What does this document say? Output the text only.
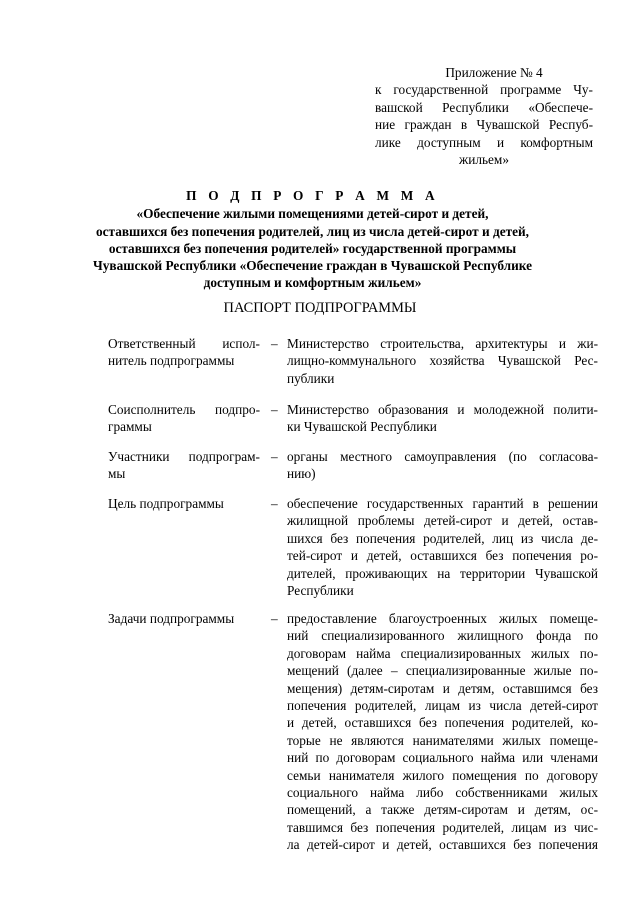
Приложение № 4
к государственной программе Чу-
вашской Республики «Обеспече-
ние граждан в Чувашской Респуб-
лике доступным и комфортным
жильем»
П О Д П Р О Г Р А М М А
«Обеспечение жилыми помещениями детей-сирот и детей,
оставшихся без попечения родителей, лиц из числа детей-сирот и детей,
оставшихся без попечения родителей» государственной программы
Чувашской Республики «Обеспечение граждан в Чувашской Республике
доступным и комфортным жильем»
ПАСПОРТ ПОДПРОГРАММЫ
Ответственный испол-
нитель подпрограммы
– Министерство строительства, архитектуры и жи-
лищно-коммунального хозяйства Чувашской Рес-
публики
Соисполнитель подпро-
граммы
– Министерство образования и молодежной полити-
ки Чувашской Республики
Участники подпрограм-
мы
– органы местного самоуправления (по согласова-
нию)
Цель подпрограммы	– обеспечение государственных гарантий в решении
жилищной проблемы детей-сирот и детей, остав-
шихся без попечения родителей, лиц из числа де-
тей-сирот и детей, оставшихся без попечения ро-
дителей, проживающих на территории Чувашской
Республики
Задачи подпрограммы	– предоставление благоустроенных жилых помеще-
ний специализированного жилищного фонда по
договорам найма специализированных жилых по-
мещений (далее – специализированные жилые по-
мещения) детям-сиротам и детям, оставшимся без
попечения родителей, лицам из числа детей-сирот
и детей, оставшихся без попечения родителей, ко-
торые не являются нанимателями жилых помеще-
ний по договорам социального найма или членами
семьи нанимателя жилого помещения по договору
социального найма либо собственниками жилых
помещений, а также детям-сиротам и детям, ос-
тавшимся без попечения родителей, лицам из чис-
ла детей-сирот и детей, оставшихся без попечения
